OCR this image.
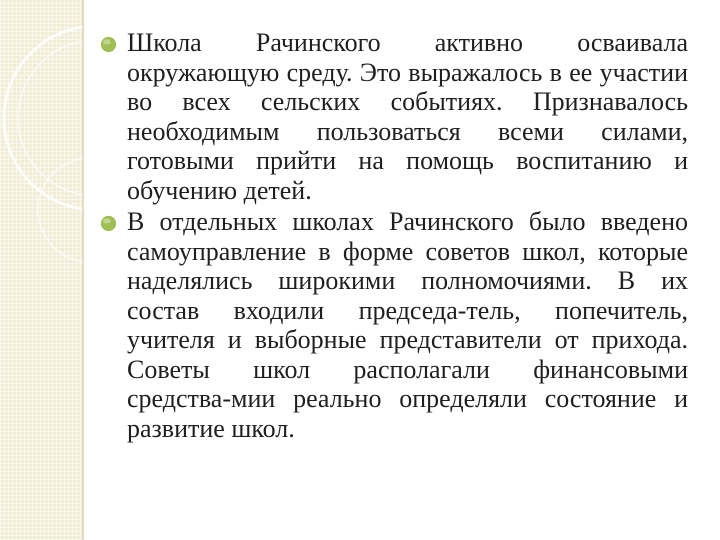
Школа Рачинского активно осваивала окружающую среду. Это выражалось в ее участии во всех сельских событиях. Признавалось необходимым пользоваться всеми силами, готовыми прийти на помощь воспитанию и обучению детей.

В отдельных школах Рачинского было введено самоуправление в форме советов школ, которые наделялись широкими полномочиями. В их состав входили председа-тель, попечитель, учителя и выборные представители от прихода. Советы школ располагали финансовыми средства-мии реально определяли состояние и развитие школ.
